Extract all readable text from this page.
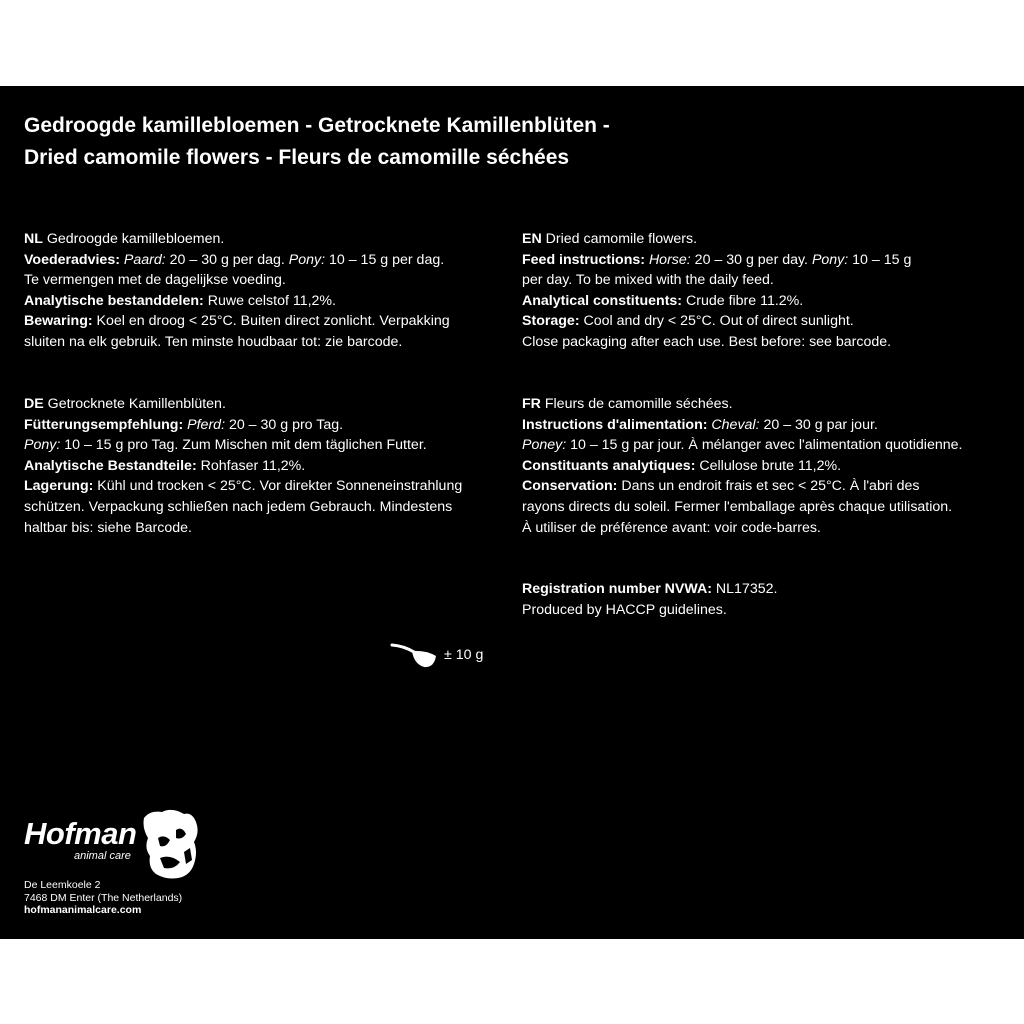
Gedroogde kamillebloemen - Getrocknete Kamillenblüten -
Dried camomile flowers - Fleurs de camomille séchées
NL Gedroogde kamillebloemen.
Voederadvies: Paard: 20 – 30 g per dag. Pony: 10 – 15 g per dag.
Te vermengen met de dagelijkse voeding.
Analytische bestanddelen: Ruwe celstof 11,2%.
Bewaring: Koel en droog < 25°C. Buiten direct zonlicht. Verpakking
sluiten na elk gebruik. Ten minste houdbaar tot: zie barcode.
EN Dried camomile flowers.
Feed instructions: Horse: 20 – 30 g per day. Pony: 10 – 15 g
per day. To be mixed with the daily feed.
Analytical constituents: Crude fibre 11.2%.
Storage: Cool and dry < 25°C. Out of direct sunlight.
Close packaging after each use. Best before: see barcode.
DE Getrocknete Kamillenblüten.
Fütterungsempfehlung: Pferd: 20 – 30 g pro Tag.
Pony: 10 – 15 g pro Tag. Zum Mischen mit dem täglichen Futter.
Analytische Bestandteile: Rohfaser 11,2%.
Lagerung: Kühl und trocken < 25°C. Vor direkter Sonneneinstrahlung
schützen. Verpackung schließen nach jedem Gebrauch. Mindestens
haltbar bis: siehe Barcode.
FR Fleurs de camomille séchées.
Instructions d'alimentation: Cheval: 20 – 30 g par jour.
Poney: 10 – 15 g par jour. À mélanger avec l'alimentation quotidienne.
Constituants analytiques: Cellulose brute 11,2%.
Conservation: Dans un endroit frais et sec < 25°C. À l'abri des
rayons directs du soleil. Fermer l'emballage après chaque utilisation.
À utiliser de préférence avant: voir code-barres.
Registration number NVWA: NL17352.
Produced by HACCP guidelines.
± 10 g
Hofman
animal care
De Leemkoele 2
7468 DM Enter (The Netherlands)
hofmananimalcare.com
